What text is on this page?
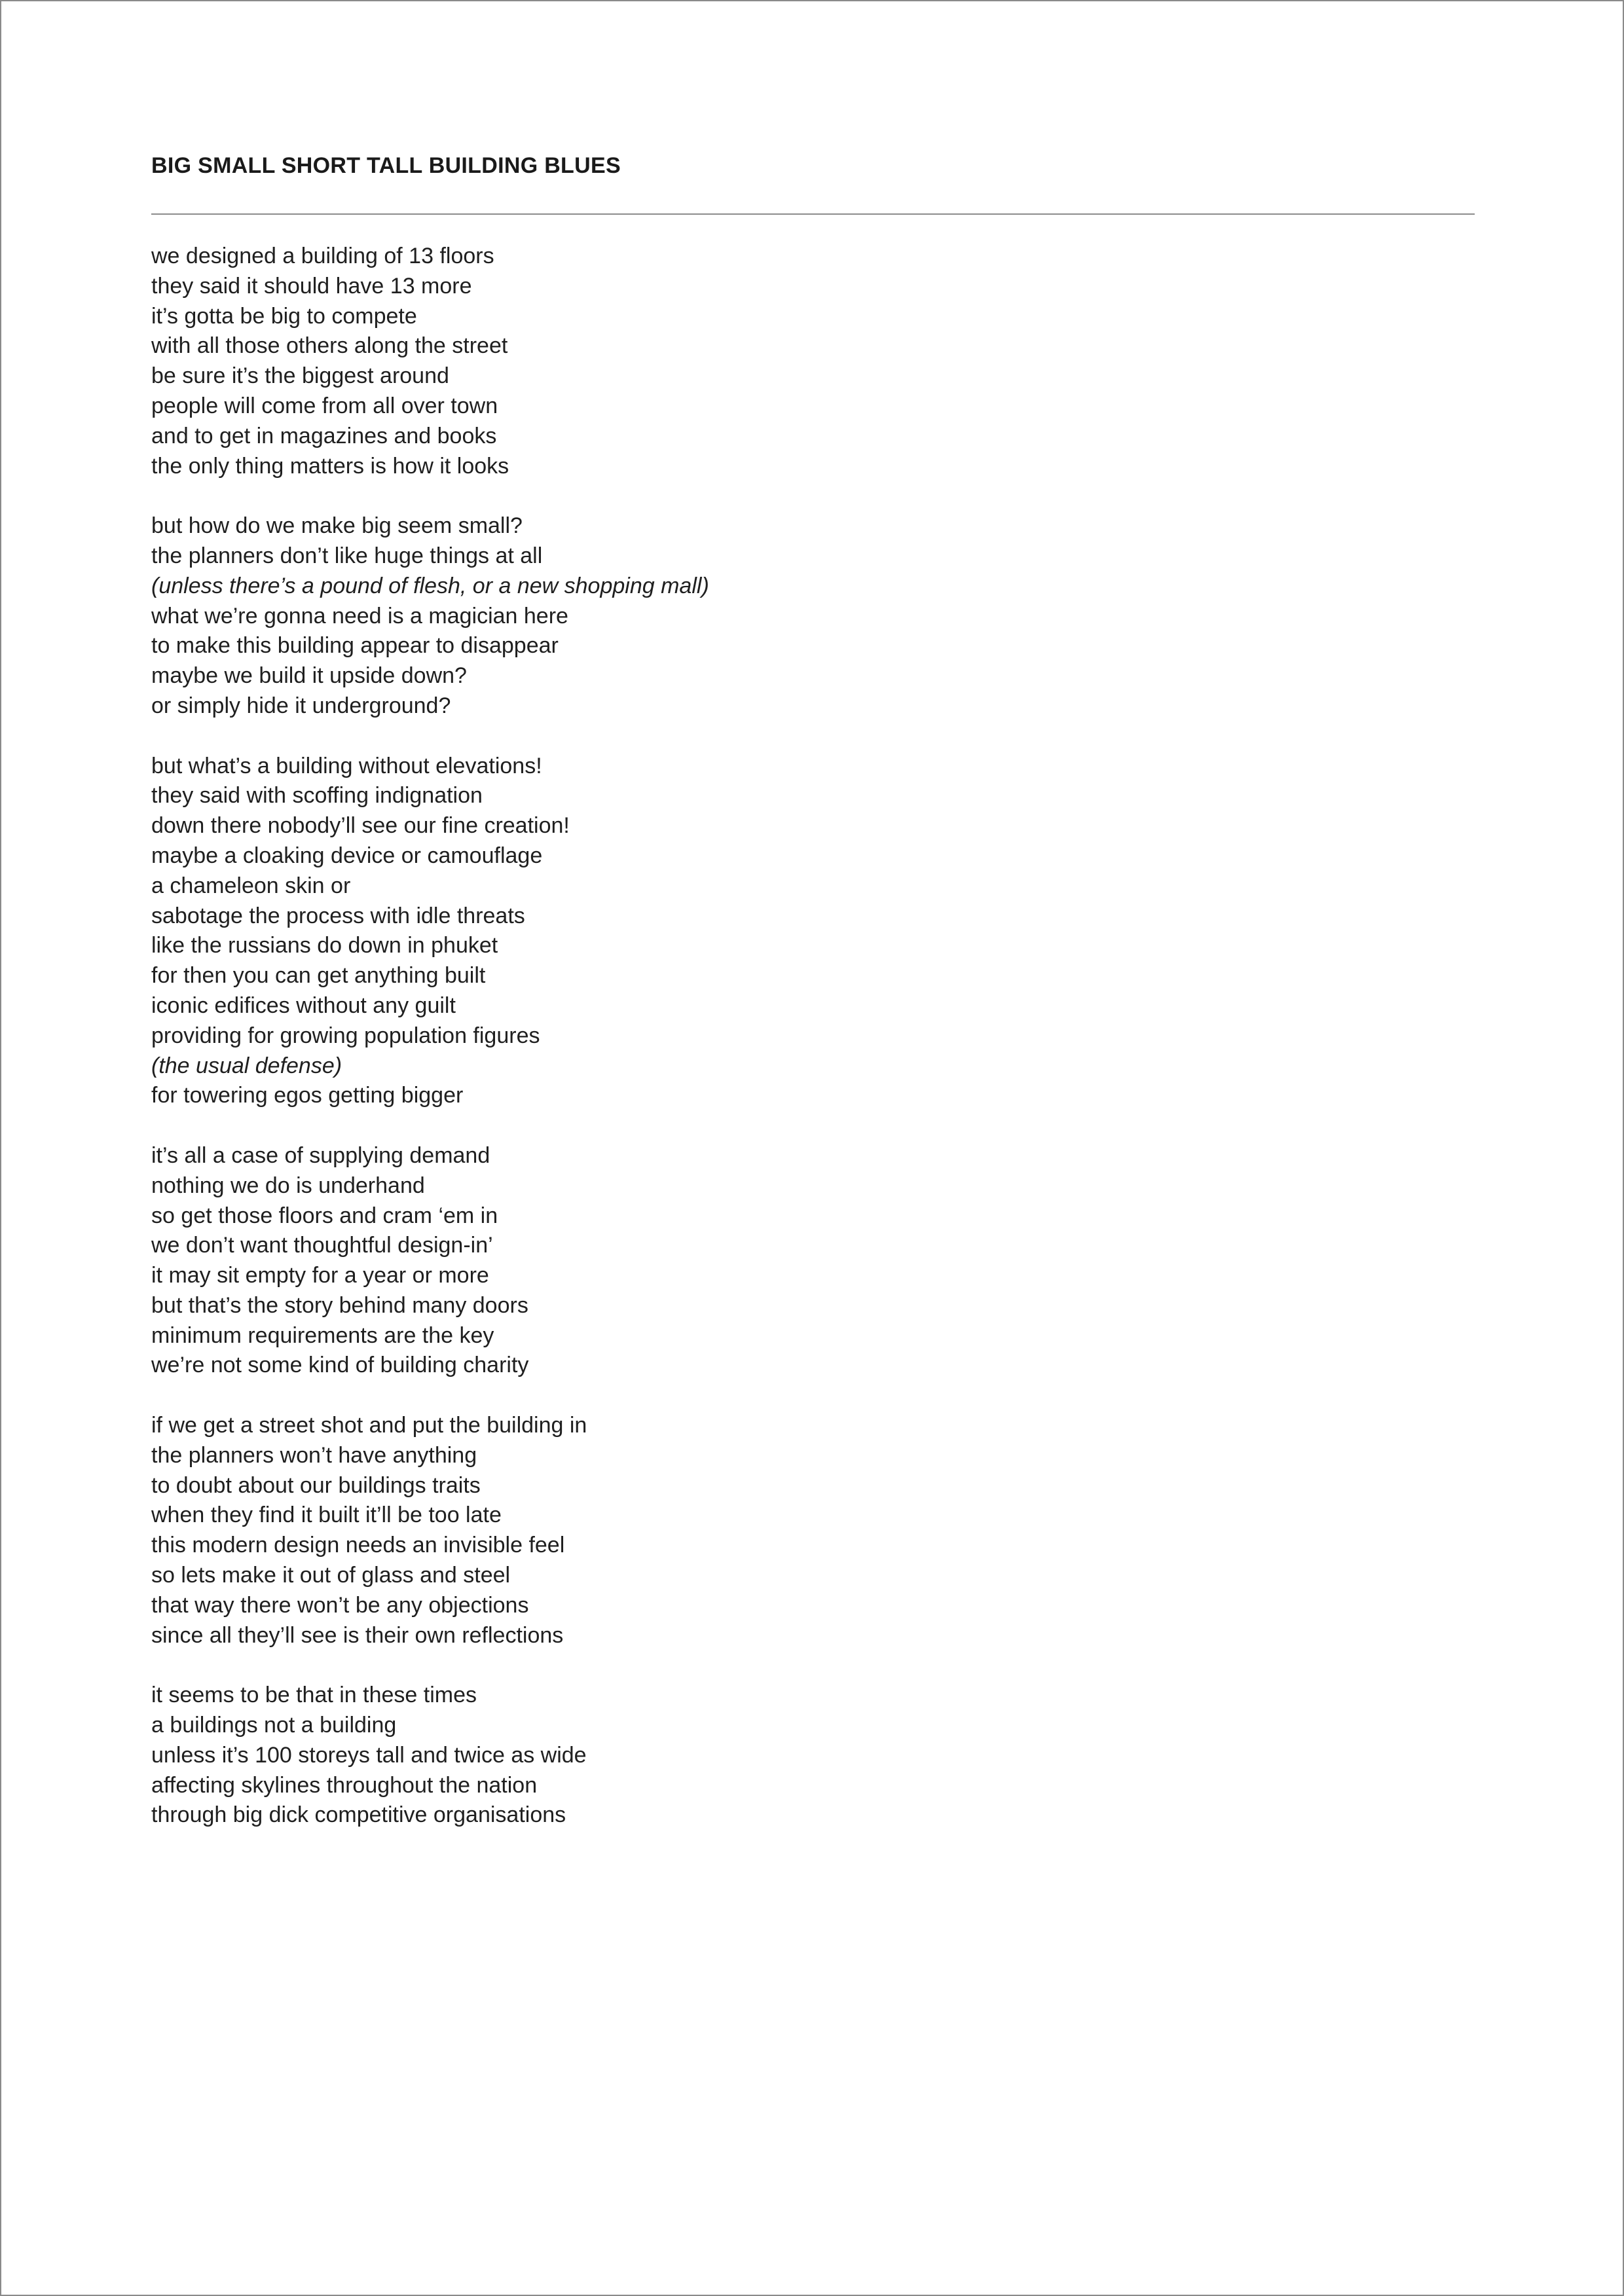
BIG SMALL SHORT TALL BUILDING BLUES
we designed a building of 13 floors
they said it should have 13 more
it’s gotta be big to compete
with all those others along the street
be sure it’s the biggest around
people will come from all over town
and to get in magazines and books
the only thing matters is how it looks
but how do we make big seem small?
the planners don’t like huge things at all
(unless there’s a pound of flesh, or a new shopping mall)
what we’re gonna need is a magician here
to make this building appear to disappear
maybe we build it upside down?
or simply hide it underground?
but what’s a building without elevations!
they said with scoffing indignation
down there nobody’ll see our fine creation!
maybe a cloaking device or camouflage
a chameleon skin or
sabotage the process with idle threats
like the russians do down in phuket
for then you can get anything built
iconic edifices without any guilt
providing for growing population figures
(the usual defense)
for towering egos getting bigger
it’s all a case of supplying demand
nothing we do is underhand
so get those floors and cram ‘em in
we don’t want thoughtful design-in’
it may sit empty for a year or more
but that’s the story behind many doors
minimum requirements are the key
we’re not some kind of building charity
if we get a street shot and put the building in
the planners won’t have anything
to doubt about our buildings traits
when they find it built it’ll be too late
this modern design needs an invisible feel
so lets make it out of glass and steel
that way there won’t be any objections
since all they’ll see is their own reflections
it seems to be that in these times
a buildings not a building
unless it’s 100 storeys tall and twice as wide
affecting skylines throughout the nation
through big dick competitive organisations
